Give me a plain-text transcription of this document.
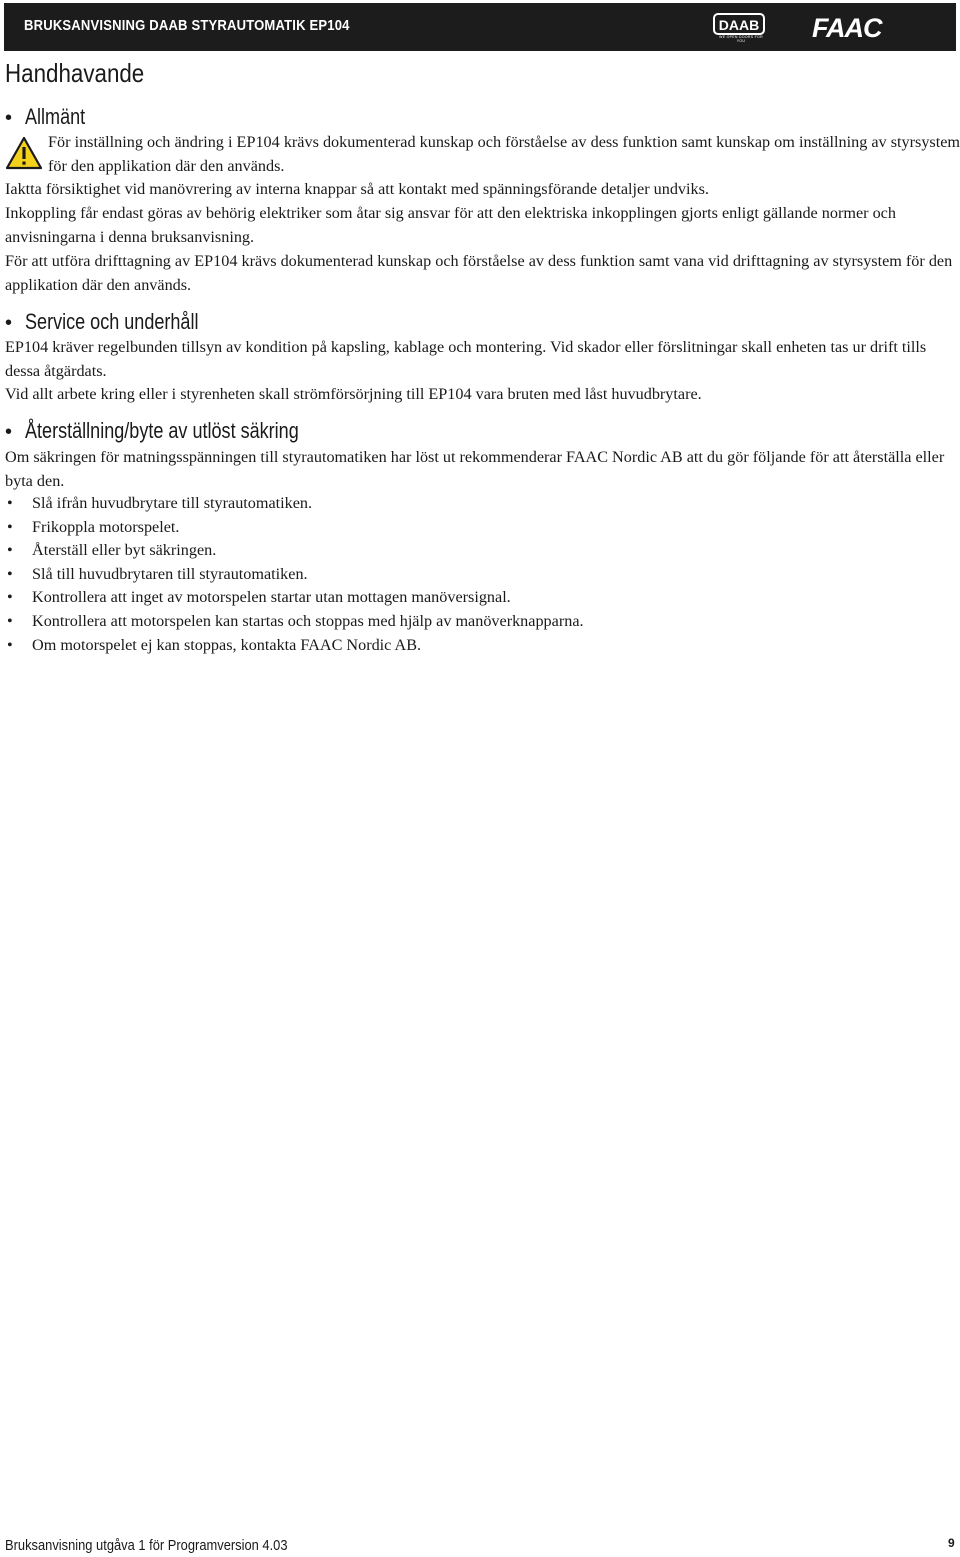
BRUKSANVISNING DAAB STYRAUTOMATIK EP104	DAAB
WE OPEN DOORS FOR YOU	FAAC
Handhavande
• Allmänt

För inställning och ändring i EP104 krävs dokumenterad kunskap och förståelse av dess funktion samt kunskap om inställning av styrsystem för den applikation där den används.

Iaktta försiktighet vid manövrering av interna knappar så att kontakt med spänningsförande detaljer undviks.

Inkoppling får endast göras av behörig elektriker som åtar sig ansvar för att den elektriska inkopplingen gjorts enligt gällande normer och anvisningarna i denna bruksanvisning.

För att utföra drifttagning av EP104 krävs dokumenterad kunskap och förståelse av dess funktion samt vana vid drifttagning av styrsystem för den applikation där den används.

• Service och underhåll

EP104 kräver regelbunden tillsyn av kondition på kapsling, kablage och montering. Vid skador eller förslitningar skall enheten tas ur drift tills dessa åtgärdats.

Vid allt arbete kring eller i styrenheten skall strömförsörjning till EP104 vara bruten med låst huvudbrytare.

• Återställning/byte av utlöst säkring

Om säkringen för matningsspänningen till styrautomatiken har löst ut rekommenderar FAAC Nordic AB att du gör följande för att återställa eller byta den.

• Slå ifrån huvudbrytare till styrautomatiken.
• Frikoppla motorspelet.
• Återställ eller byt säkringen.
• Slå till huvudbrytaren till styrautomatiken.
• Kontrollera att inget av motorspelen startar utan mottagen manöversignal.
• Kontrollera att motorspelen kan startas och stoppas med hjälp av manöverknapparna.
• Om motorspelet ej kan stoppas, kontakta FAAC Nordic AB.
Bruksanvisning utgåva 1 för Programversion 4.03	9
